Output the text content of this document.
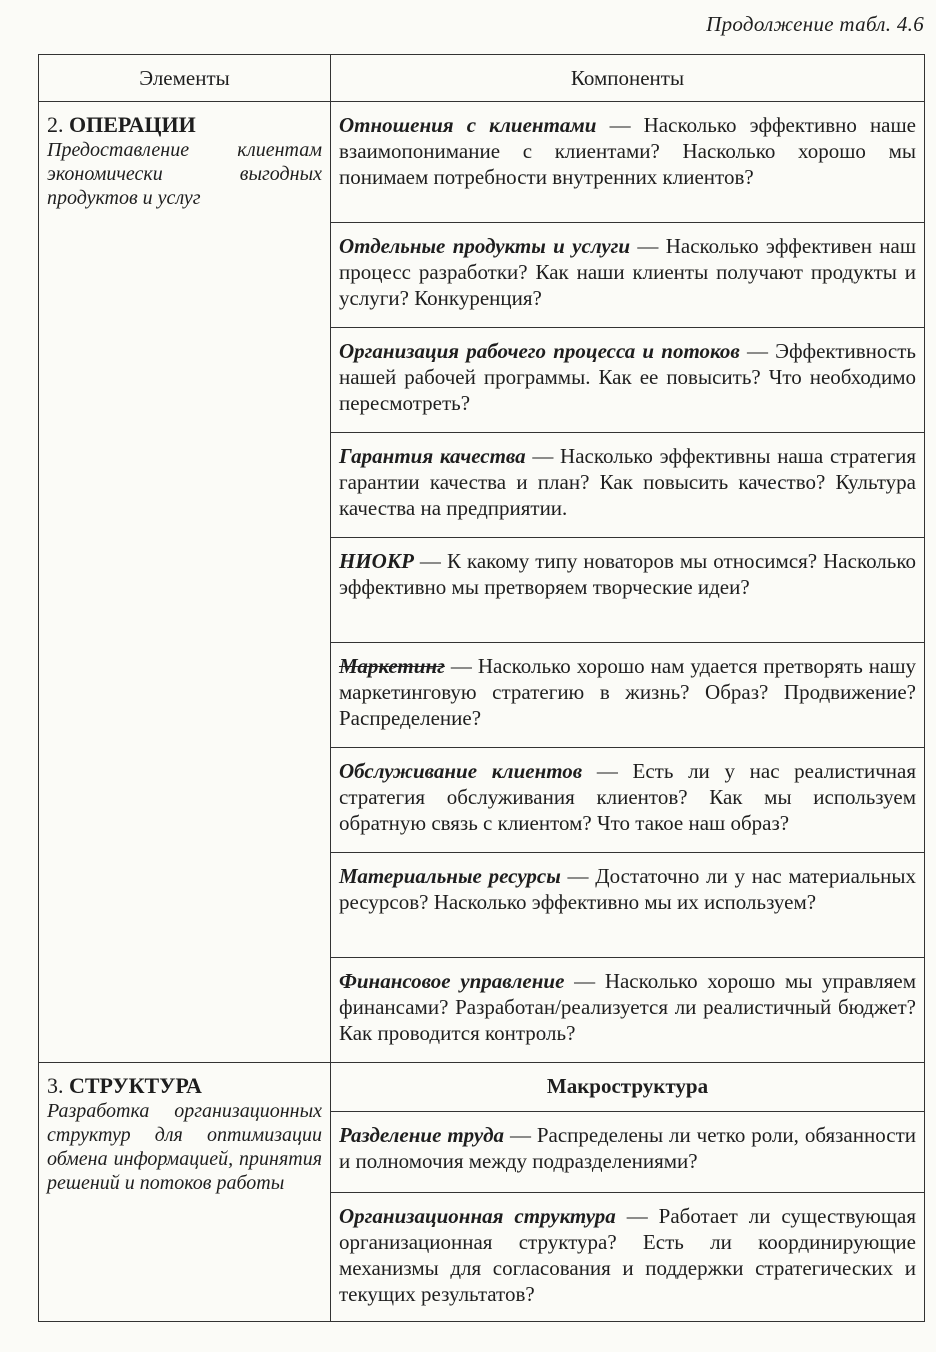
Продолжение табл. 4.6
Элементы	Компоненты

2. ОПЕРАЦИИ
Предоставление клиентам экономически выгодных продуктов и услуг	Отношения с клиентами — Насколько эффективно наше взаимопонимание с клиентами? Насколько хорошо мы понимаем потребности внутренних клиентов?
	Отдельные продукты и услуги — Насколько эффективен наш процесс разработки? Как наши клиенты получают продукты и услуги? Конкуренция?
	Организация рабочего процесса и потоков — Эффективность нашей рабочей программы. Как ее повысить? Что необходимо пересмотреть?
	Гарантия качества — Насколько эффективны наша стратегия гарантии качества и план? Как повысить качество? Культура качества на предприятии.
	НИОКР — К какому типу новаторов мы относимся? Насколько эффективно мы претворяем творческие идеи?
	Маркетинг — Насколько хорошо нам удается претворять нашу маркетинговую стратегию в жизнь? Образ? Продвижение? Распределение?
	Обслуживание клиентов — Есть ли у нас реалистичная стратегия обслуживания клиентов? Как мы используем обратную связь с клиентом? Что такое наш образ?
	Материальные ресурсы — Достаточно ли у нас материальных ресурсов? Насколько эффективно мы их используем?
	Финансовое управление — Насколько хорошо мы управляем финансами? Разработан/реализуется ли реалистичный бюджет? Как проводится контроль?

3. СТРУКТУРА
Разработка организационных структур для оптимизации обмена информацией, принятия решений и потоков работы	Макроструктура
	Разделение труда — Распределены ли четко роли, обязанности и полномочия между подразделениями?
	Организационная структура — Работает ли существующая организационная структура? Есть ли координирующие механизмы для согласования и поддержки стратегических и текущих результатов?
